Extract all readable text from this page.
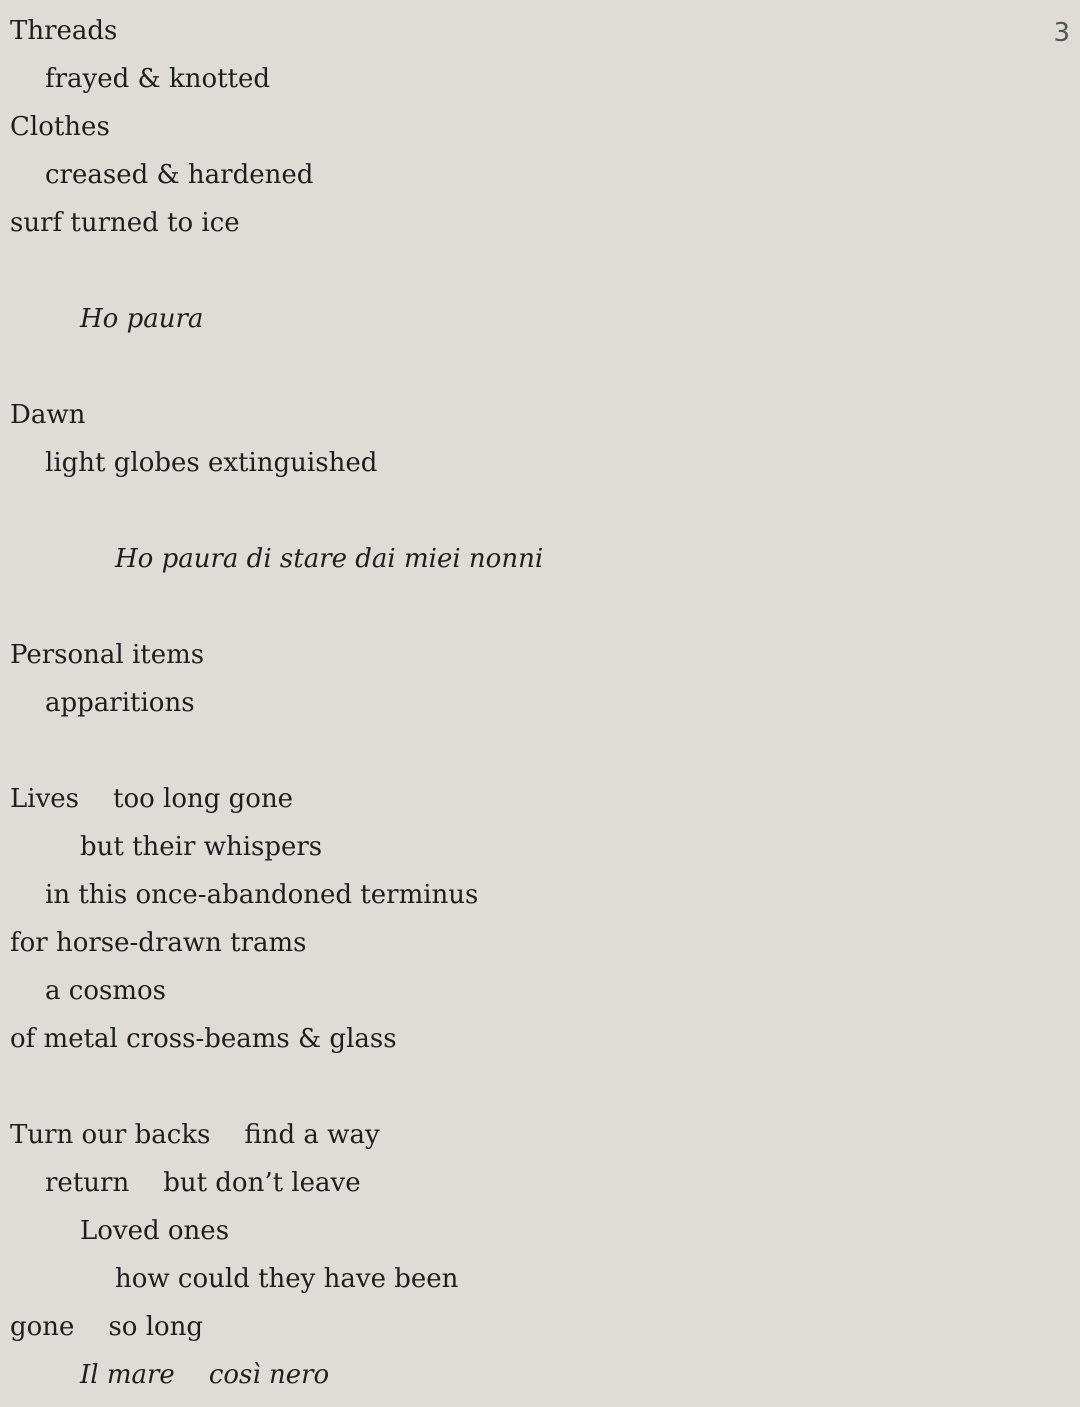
3
Threads
frayed & knotted
Clothes
creased & hardened
surf turned to ice
Ho paura
Dawn
light globes extinguished
Ho paura di stare dai miei nonni
Personal items
apparitions
Lives too long gone
but their whispers
in this once-abandoned terminus
for horse-drawn trams
a cosmos
of metal cross-beams & glass
Turn our backs find a way
return but don’t leave
Loved ones
how could they have been
gone so long
Il mare così nero
